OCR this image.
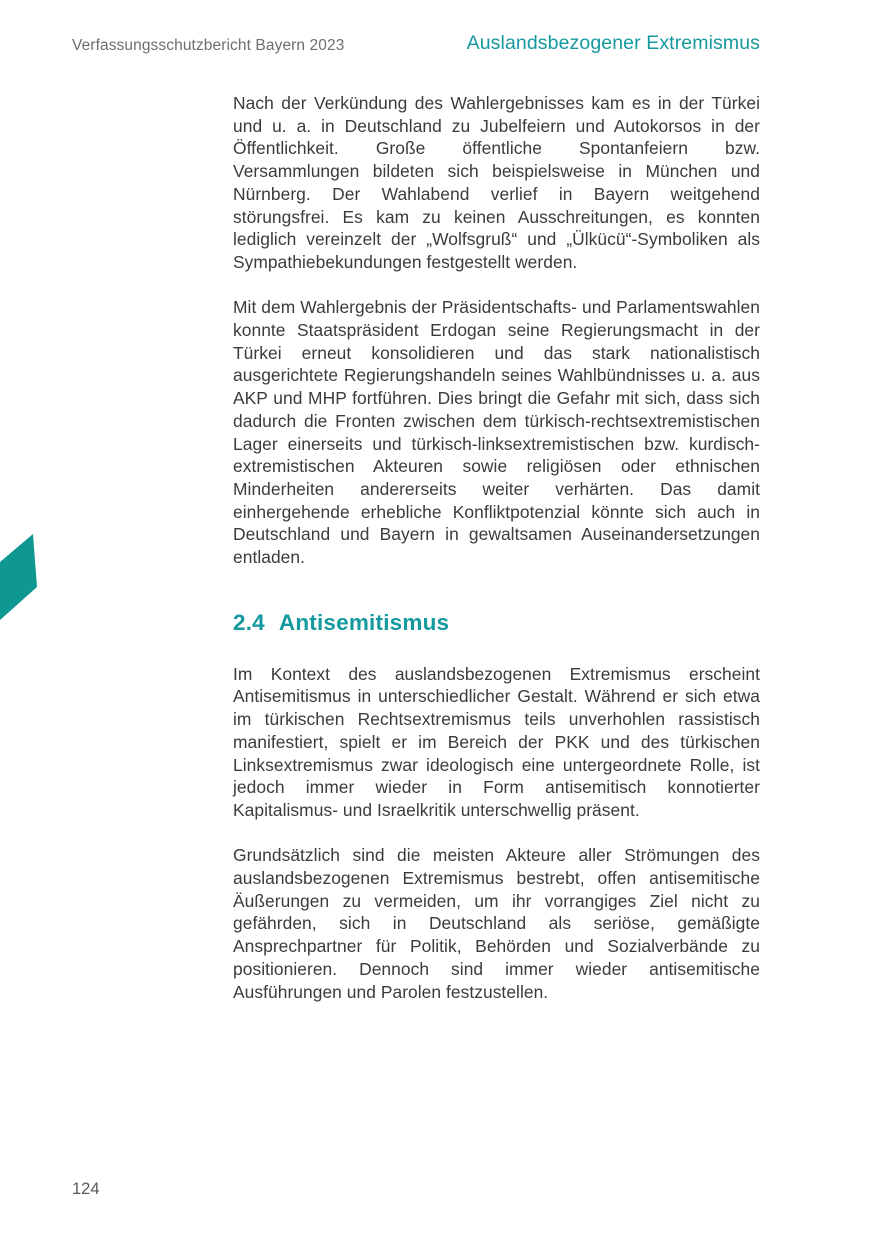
Verfassungsschutzbericht Bayern 2023	Auslandsbezogener Extremismus

Nach der Verkündung des Wahlergebnisses kam es in der Türkei und u. a. in Deutschland zu Jubelfeiern und Autokorsos in der Öffentlichkeit. Große öffentliche Spontanfeiern bzw. Versammlungen bildeten sich beispielsweise in München und Nürnberg. Der Wahlabend verlief in Bayern weitgehend störungsfrei. Es kam zu keinen Ausschreitungen, es konnten lediglich vereinzelt der „Wolfsgruß“ und „Ülkücü“-Symboliken als Sympathiebekundungen festgestellt werden.

Mit dem Wahlergebnis der Präsidentschafts- und Parlamentswahlen konnte Staatspräsident Erdogan seine Regierungsmacht in der Türkei erneut konsolidieren und das stark nationalistisch ausgerichtete Regierungshandeln seines Wahlbündnisses u. a. aus AKP und MHP fortführen. Dies bringt die Gefahr mit sich, dass sich dadurch die Fronten zwischen dem türkisch-rechtsextremistischen Lager einerseits und türkisch-linksextremistischen bzw. kurdisch-extremistischen Akteuren sowie religiösen oder ethnischen Minderheiten andererseits weiter verhärten. Das damit einhergehende erhebliche Konfliktpotenzial könnte sich auch in Deutschland und Bayern in gewaltsamen Auseinandersetzungen entladen.

2.4 Antisemitismus

Im Kontext des auslandsbezogenen Extremismus erscheint Antisemitismus in unterschiedlicher Gestalt. Während er sich etwa im türkischen Rechtsextremismus teils unverhohlen rassistisch manifestiert, spielt er im Bereich der PKK und des türkischen Linksextremismus zwar ideologisch eine untergeordnete Rolle, ist jedoch immer wieder in Form antisemitisch konnotierter Kapitalismus- und Israelkritik unterschwellig präsent.

Grundsätzlich sind die meisten Akteure aller Strömungen des auslandsbezogenen Extremismus bestrebt, offen antisemitische Äußerungen zu vermeiden, um ihr vorrangiges Ziel nicht zu gefährden, sich in Deutschland als seriöse, gemäßigte Ansprechpartner für Politik, Behörden und Sozialverbände zu positionieren. Dennoch sind immer wieder antisemitische Ausführungen und Parolen festzustellen.

124
